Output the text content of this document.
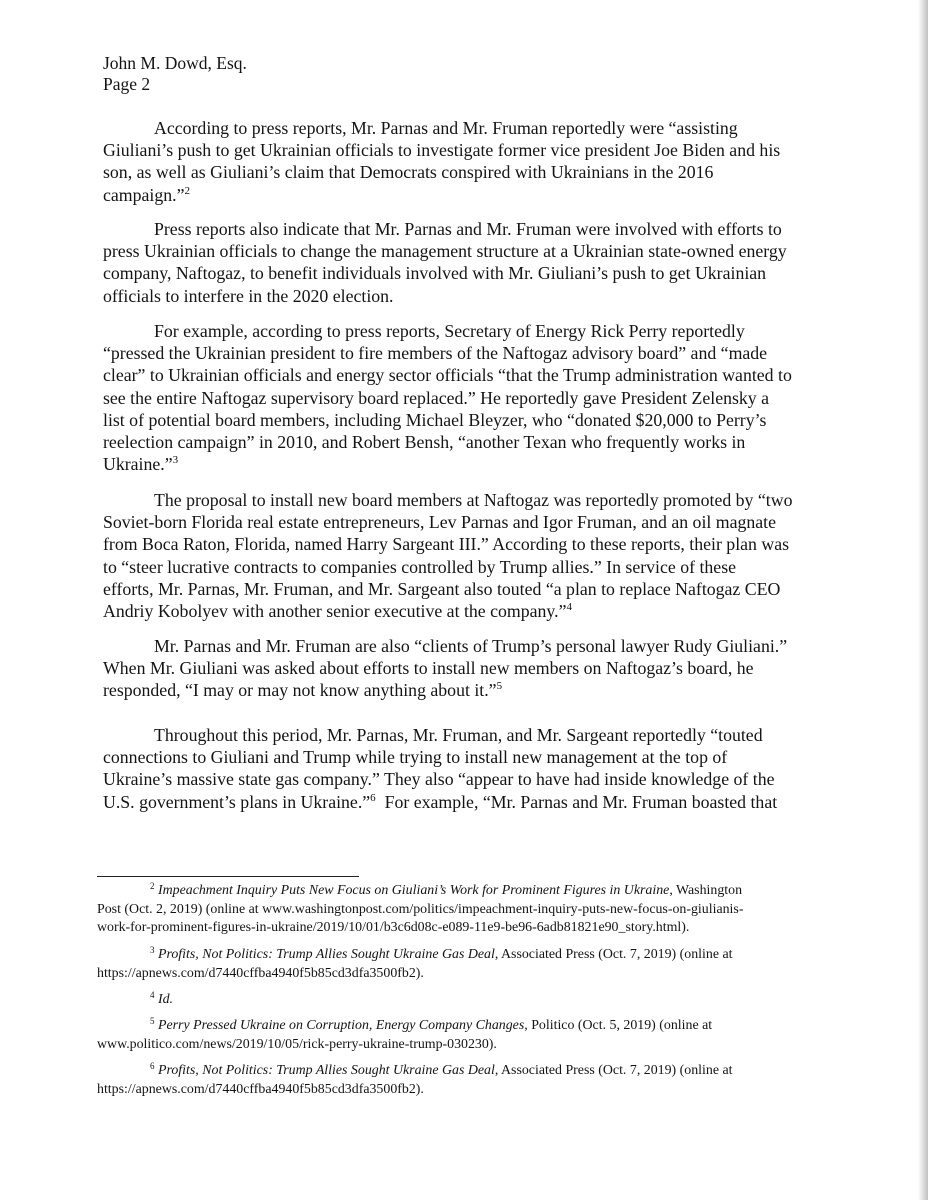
John M. Dowd, Esq.
Page 2
According to press reports, Mr. Parnas and Mr. Fruman reportedly were “assisting
Giuliani’s push to get Ukrainian officials to investigate former vice president Joe Biden and his
son, as well as Giuliani’s claim that Democrats conspired with Ukrainians in the 2016
campaign.”$^2$
Press reports also indicate that Mr. Parnas and Mr. Fruman were involved with efforts to
press Ukrainian officials to change the management structure at a Ukrainian state-owned energy
company, Naftogaz, to benefit individuals involved with Mr. Giuliani’s push to get Ukrainian
officials to interfere in the 2020 election.
For example, according to press reports, Secretary of Energy Rick Perry reportedly
“pressed the Ukrainian president to fire members of the Naftogaz advisory board” and “made
clear” to Ukrainian officials and energy sector officials “that the Trump administration wanted to
see the entire Naftogaz supervisory board replaced.” He reportedly gave President Zelensky a
list of potential board members, including Michael Bleyzer, who “donated $20,000 to Perry’s
reelection campaign” in 2010, and Robert Bensh, “another Texan who frequently works in
Ukraine.”$^3$
The proposal to install new board members at Naftogaz was reportedly promoted by “two
Soviet-born Florida real estate entrepreneurs, Lev Parnas and Igor Fruman, and an oil magnate
from Boca Raton, Florida, named Harry Sargeant III.” According to these reports, their plan was
to “steer lucrative contracts to companies controlled by Trump allies.” In service of these
efforts, Mr. Parnas, Mr. Fruman, and Mr. Sargeant also touted “a plan to replace Naftogaz CEO
Andriy Kobolyev with another senior executive at the company.”$^4$
Mr. Parnas and Mr. Fruman are also “clients of Trump’s personal lawyer Rudy Giuliani.”
When Mr. Giuliani was asked about efforts to install new members on Naftogaz’s board, he
responded, “I may or may not know anything about it.”$^5$
Throughout this period, Mr. Parnas, Mr. Fruman, and Mr. Sargeant reportedly “touted
connections to Giuliani and Trump while trying to install new management at the top of
Ukraine’s massive state gas company.” They also “appear to have had inside knowledge of the
U.S. government’s plans in Ukraine.”$^6$  For example, “Mr. Parnas and Mr. Fruman boasted that
$^2$ Impeachment Inquiry Puts New Focus on Giuliani’s Work for Prominent Figures in Ukraine, Washington
Post (Oct. 2, 2019) (online at www.washingtonpost.com/politics/impeachment-inquiry-puts-new-focus-on-giulianis-
work-for-prominent-figures-in-ukraine/2019/10/01/b3c6d08c-e089-11e9-be96-6adb81821e90_story.html).
$^3$ Profits, Not Politics: Trump Allies Sought Ukraine Gas Deal, Associated Press (Oct. 7, 2019) (online at
https://apnews.com/d7440cffba4940f5b85cd3dfa3500fb2).
$^4$ Id.
$^5$ Perry Pressed Ukraine on Corruption, Energy Company Changes, Politico (Oct. 5, 2019) (online at
www.politico.com/news/2019/10/05/rick-perry-ukraine-trump-030230).
$^6$ Profits, Not Politics: Trump Allies Sought Ukraine Gas Deal, Associated Press (Oct. 7, 2019) (online at
https://apnews.com/d7440cffba4940f5b85cd3dfa3500fb2).
